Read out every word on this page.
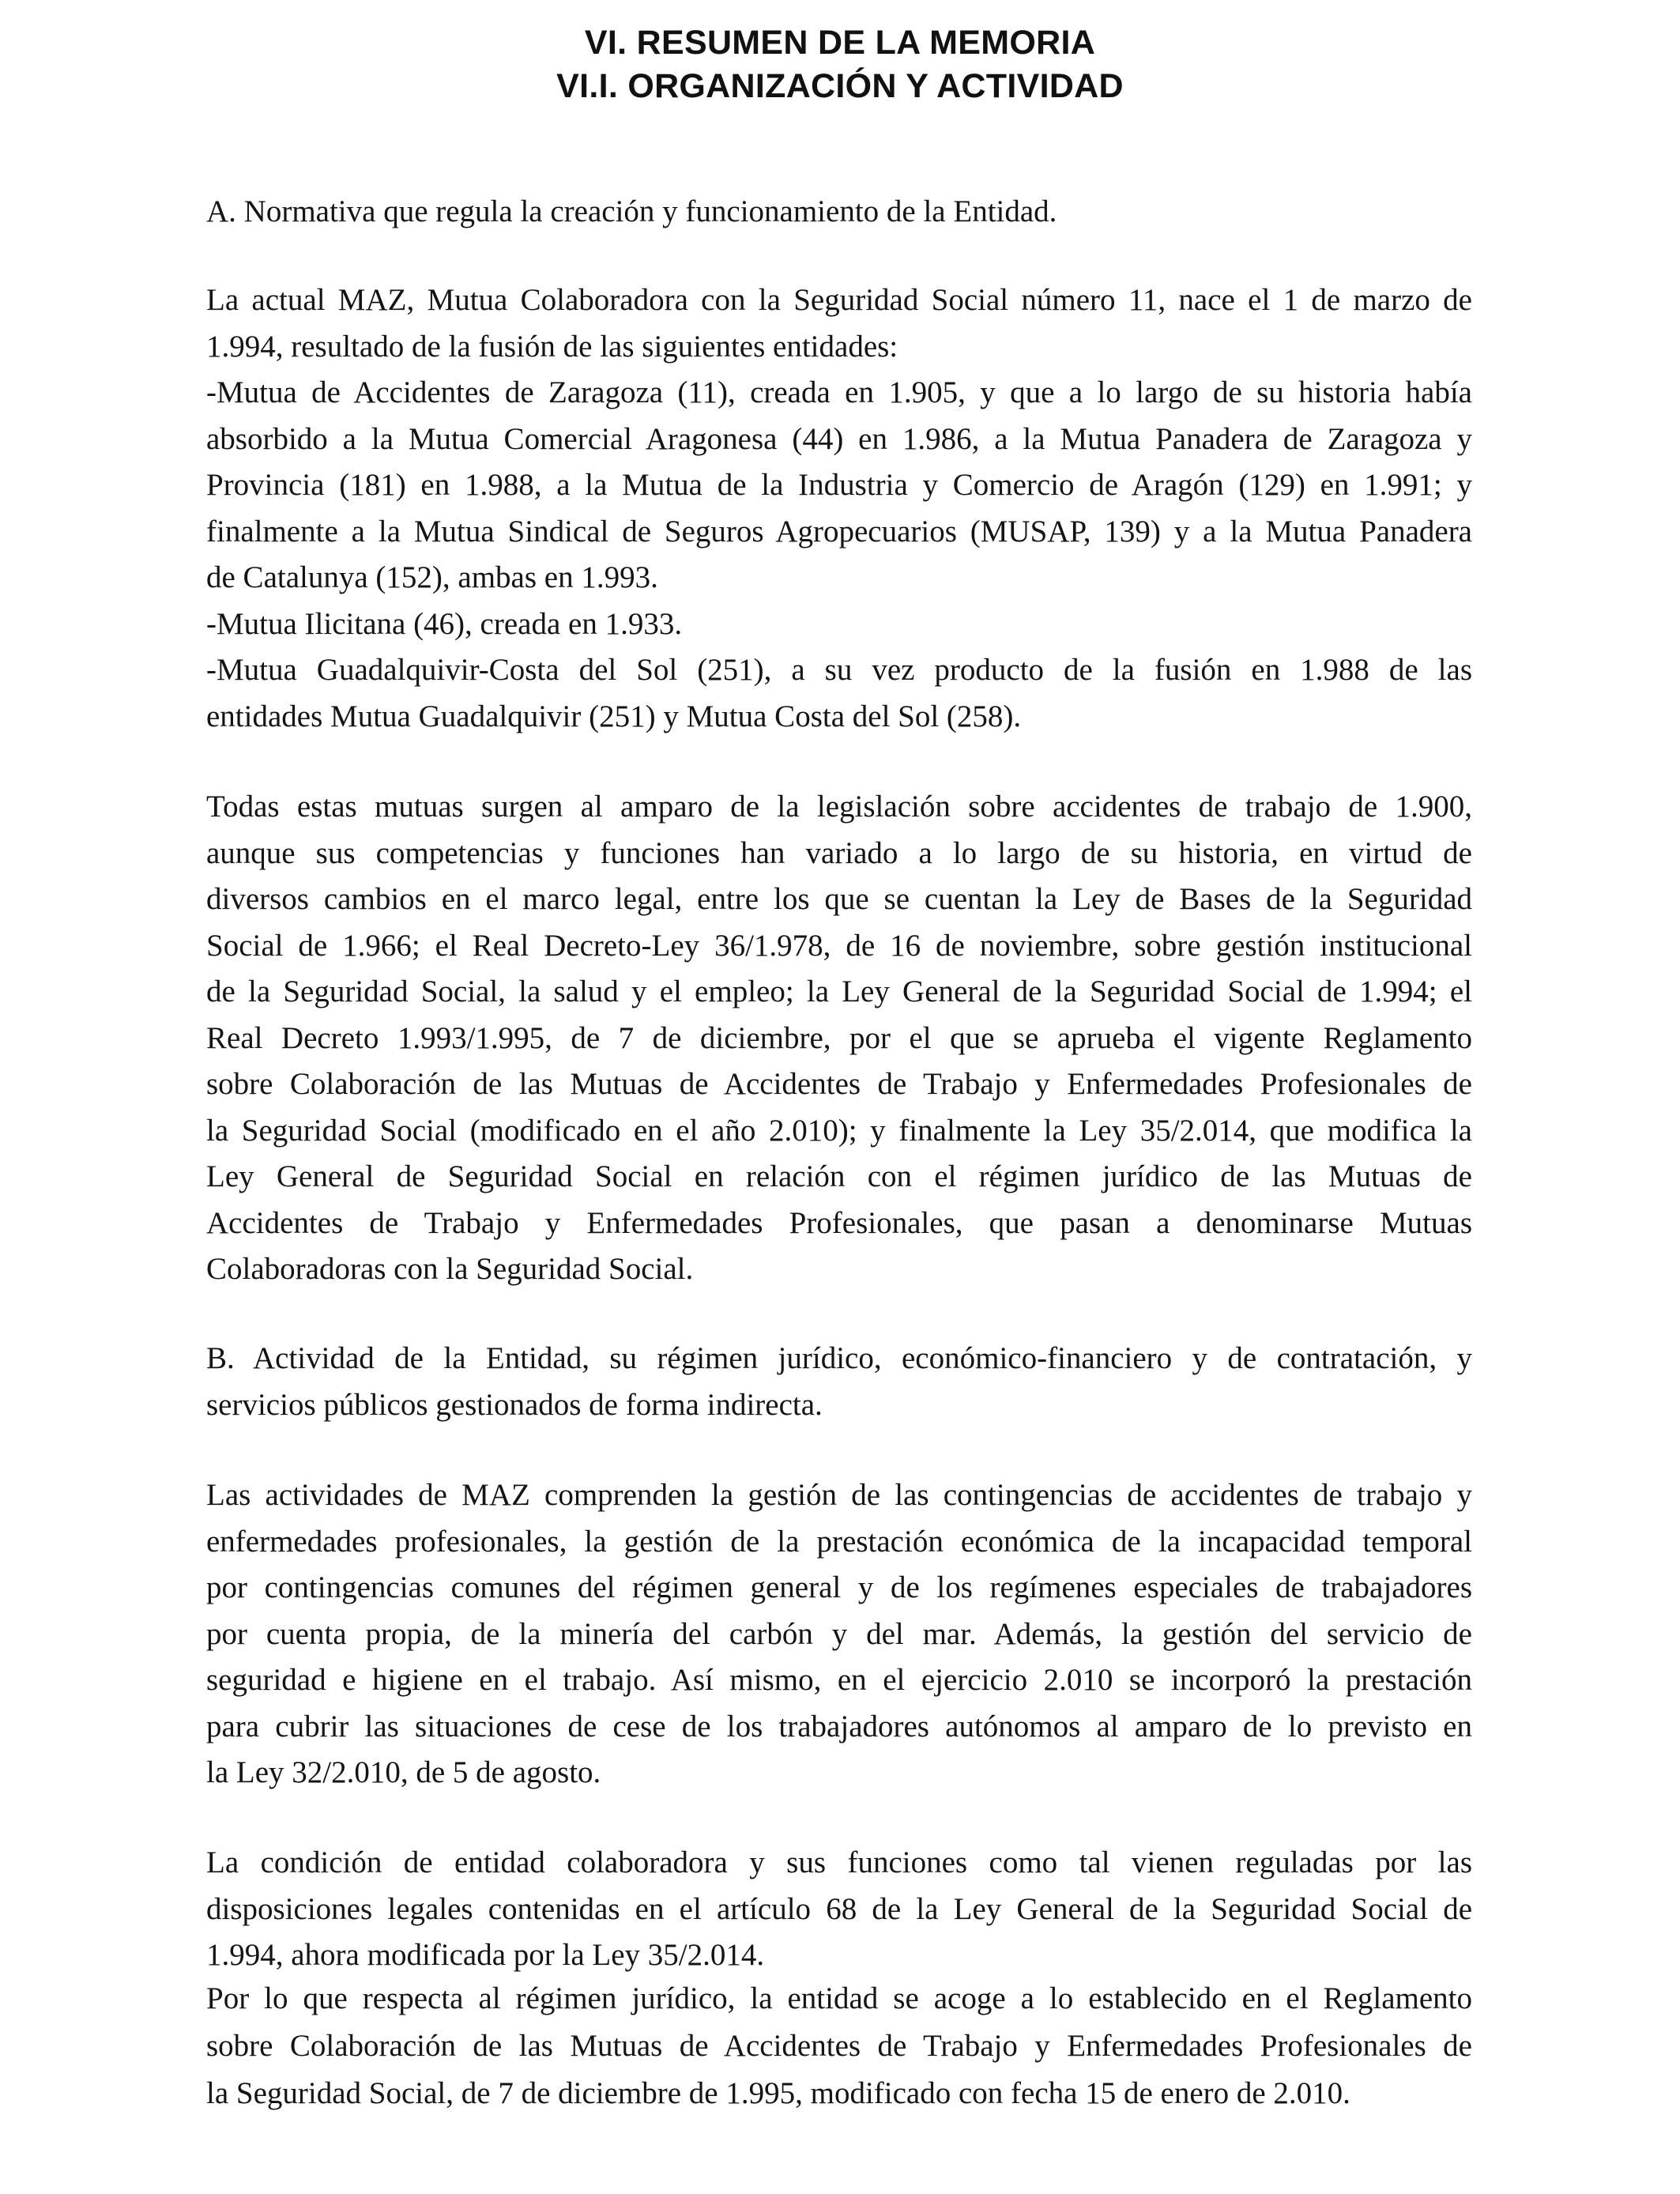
VI. RESUMEN DE LA MEMORIA
VI.I. ORGANIZACIÓN Y ACTIVIDAD
A. Normativa que regula la creación y funcionamiento de la Entidad.
La actual MAZ, Mutua Colaboradora con la Seguridad Social número 11, nace el 1 de marzo de
1.994, resultado de la fusión de las siguientes entidades:
-Mutua de Accidentes de Zaragoza (11), creada en 1.905, y que a lo largo de su historia había
absorbido a la Mutua Comercial Aragonesa (44) en 1.986, a la Mutua Panadera de Zaragoza y
Provincia (181) en 1.988, a la Mutua de la Industria y Comercio de Aragón (129) en 1.991; y
finalmente a la Mutua Sindical de Seguros Agropecuarios (MUSAP, 139) y a la Mutua Panadera
de Catalunya (152), ambas en 1.993.
-Mutua Ilicitana (46), creada en 1.933.
-Mutua Guadalquivir-Costa del Sol (251), a su vez producto de la fusión en 1.988 de las
entidades Mutua Guadalquivir (251) y Mutua Costa del Sol (258).
Todas estas mutuas surgen al amparo de la legislación sobre accidentes de trabajo de 1.900,
aunque sus competencias y funciones han variado a lo largo de su historia, en virtud de
diversos cambios en el marco legal, entre los que se cuentan la Ley de Bases de la Seguridad
Social de 1.966; el Real Decreto-Ley 36/1.978, de 16 de noviembre, sobre gestión institucional
de la Seguridad Social, la salud y el empleo; la Ley General de la Seguridad Social de 1.994; el
Real Decreto 1.993/1.995, de 7 de diciembre, por el que se aprueba el vigente Reglamento
sobre Colaboración de las Mutuas de Accidentes de Trabajo y Enfermedades Profesionales de
la Seguridad Social (modificado en el año 2.010); y finalmente la Ley 35/2.014, que modifica la
Ley General de Seguridad Social en relación con el régimen jurídico de las Mutuas de
Accidentes de Trabajo y Enfermedades Profesionales, que pasan a denominarse Mutuas
Colaboradoras con la Seguridad Social.
B. Actividad de la Entidad, su régimen jurídico, económico-financiero y de contratación, y
servicios públicos gestionados de forma indirecta.
Las actividades de MAZ comprenden la gestión de las contingencias de accidentes de trabajo y
enfermedades profesionales, la gestión de la prestación económica de la incapacidad temporal
por contingencias comunes del régimen general y de los regímenes especiales de trabajadores
por cuenta propia, de la minería del carbón y del mar. Además, la gestión del servicio de
seguridad e higiene en el trabajo. Así mismo, en el ejercicio 2.010 se incorporó la prestación
para cubrir las situaciones de cese de los trabajadores autónomos al amparo de lo previsto en
la Ley 32/2.010, de 5 de agosto.
La condición de entidad colaboradora y sus funciones como tal vienen reguladas por las
disposiciones legales contenidas en el artículo 68 de la Ley General de la Seguridad Social de
1.994, ahora modificada por la Ley 35/2.014.
Por lo que respecta al régimen jurídico, la entidad se acoge a lo establecido en el Reglamento
sobre Colaboración de las Mutuas de Accidentes de Trabajo y Enfermedades Profesionales de
la Seguridad Social, de 7 de diciembre de 1.995, modificado con fecha 15 de enero de 2.010.
